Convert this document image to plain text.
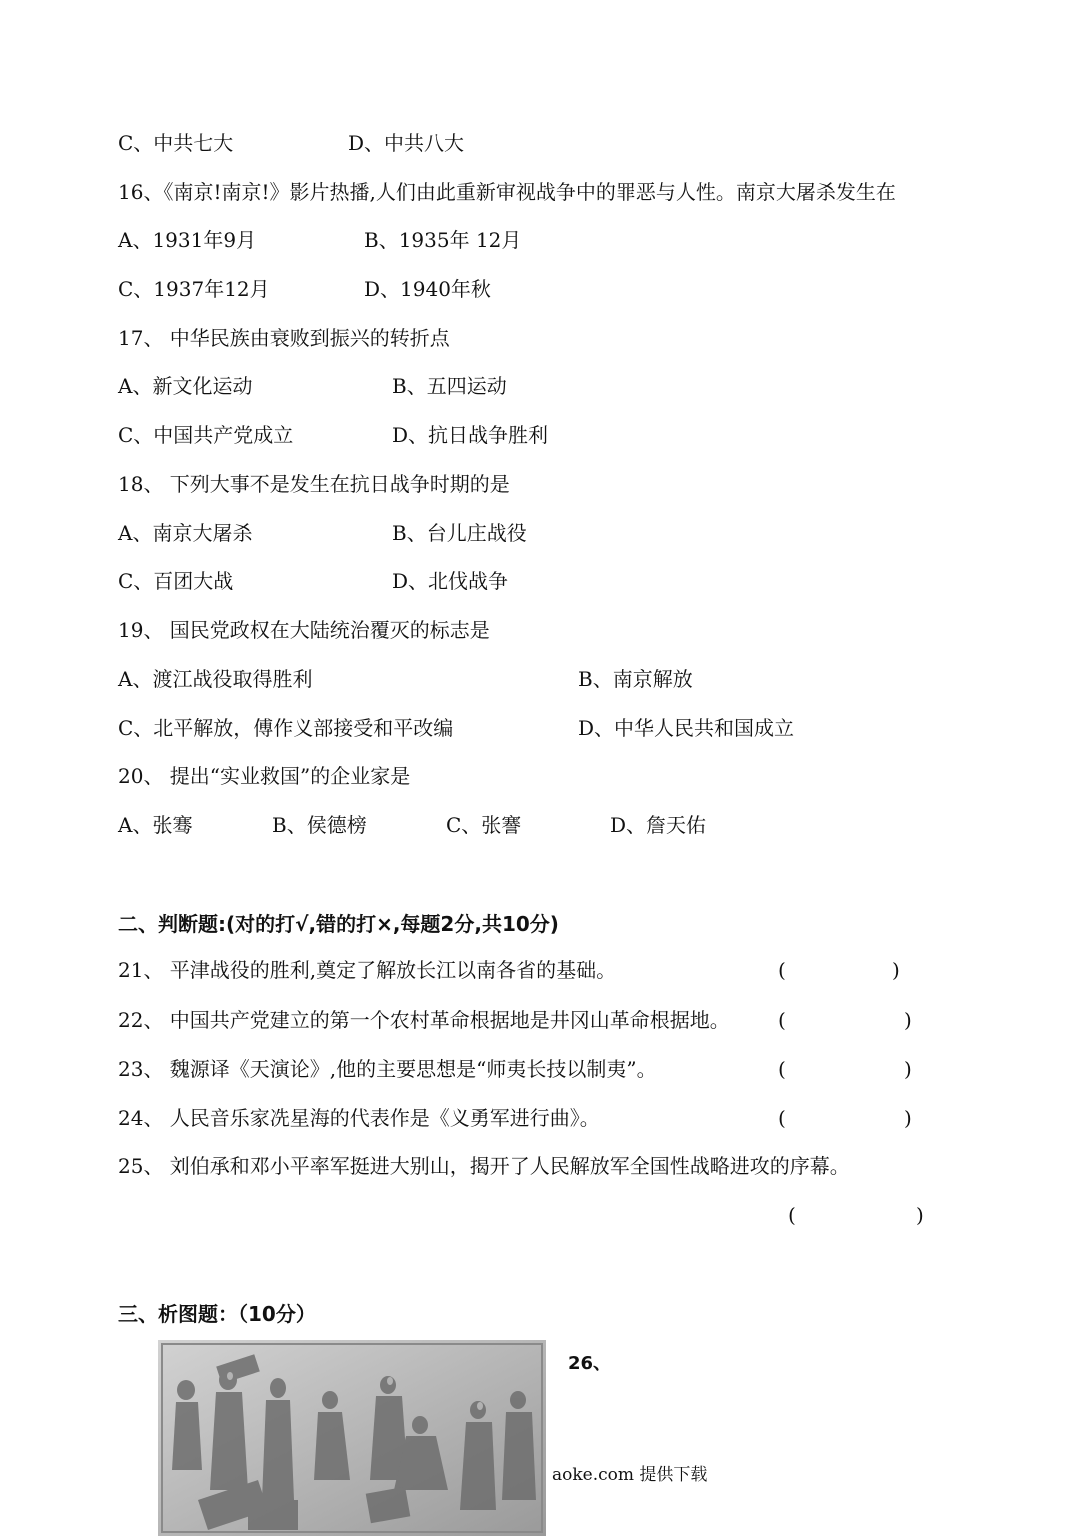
C、中共七大	D、中共八大
16、《南京!南京!》影片热播,人们由此重新审视战争中的罪恶与人性。南京大屠杀发生在
A、1931年9月	B、1935年 12月
C、1937年12月	D、1940年秋
17、 中华民族由衰败到振兴的转折点
A、新文化运动	B、五四运动
C、中国共产党成立	D、抗日战争胜利
18、 下列大事不是发生在抗日战争时期的是
A、南京大屠杀	B、台儿庄战役
C、百团大战	D、北伐战争
19、 国民党政权在大陆统治覆灭的标志是
A、渡江战役取得胜利	B、南京解放
C、北平解放，傅作义部接受和平改编	D、中华人民共和国成立
20、 提出“实业救国”的企业家是
A、张骞	B、侯德榜	C、张謇	D、詹天佑
二、判断题:(对的打√,错的打×,每题2分,共10分)
21、 平津战役的胜利,奠定了解放长江以南各省的基础。	(	)
22、 中国共产党建立的第一个农村革命根据地是井冈山革命根据地。 (	)
23、 魏源译《天演论》,他的主要思想是“师夷长技以制夷”。	(	)
24、 人民音乐家冼星海的代表作是《义勇军进行曲》。	(	)
25、 刘伯承和邓小平率军挺进大别山，揭开了人民解放军全国性战略进攻的序幕。
(	)
三、析图题：（10分）
26、
aoke.com 提供下载
